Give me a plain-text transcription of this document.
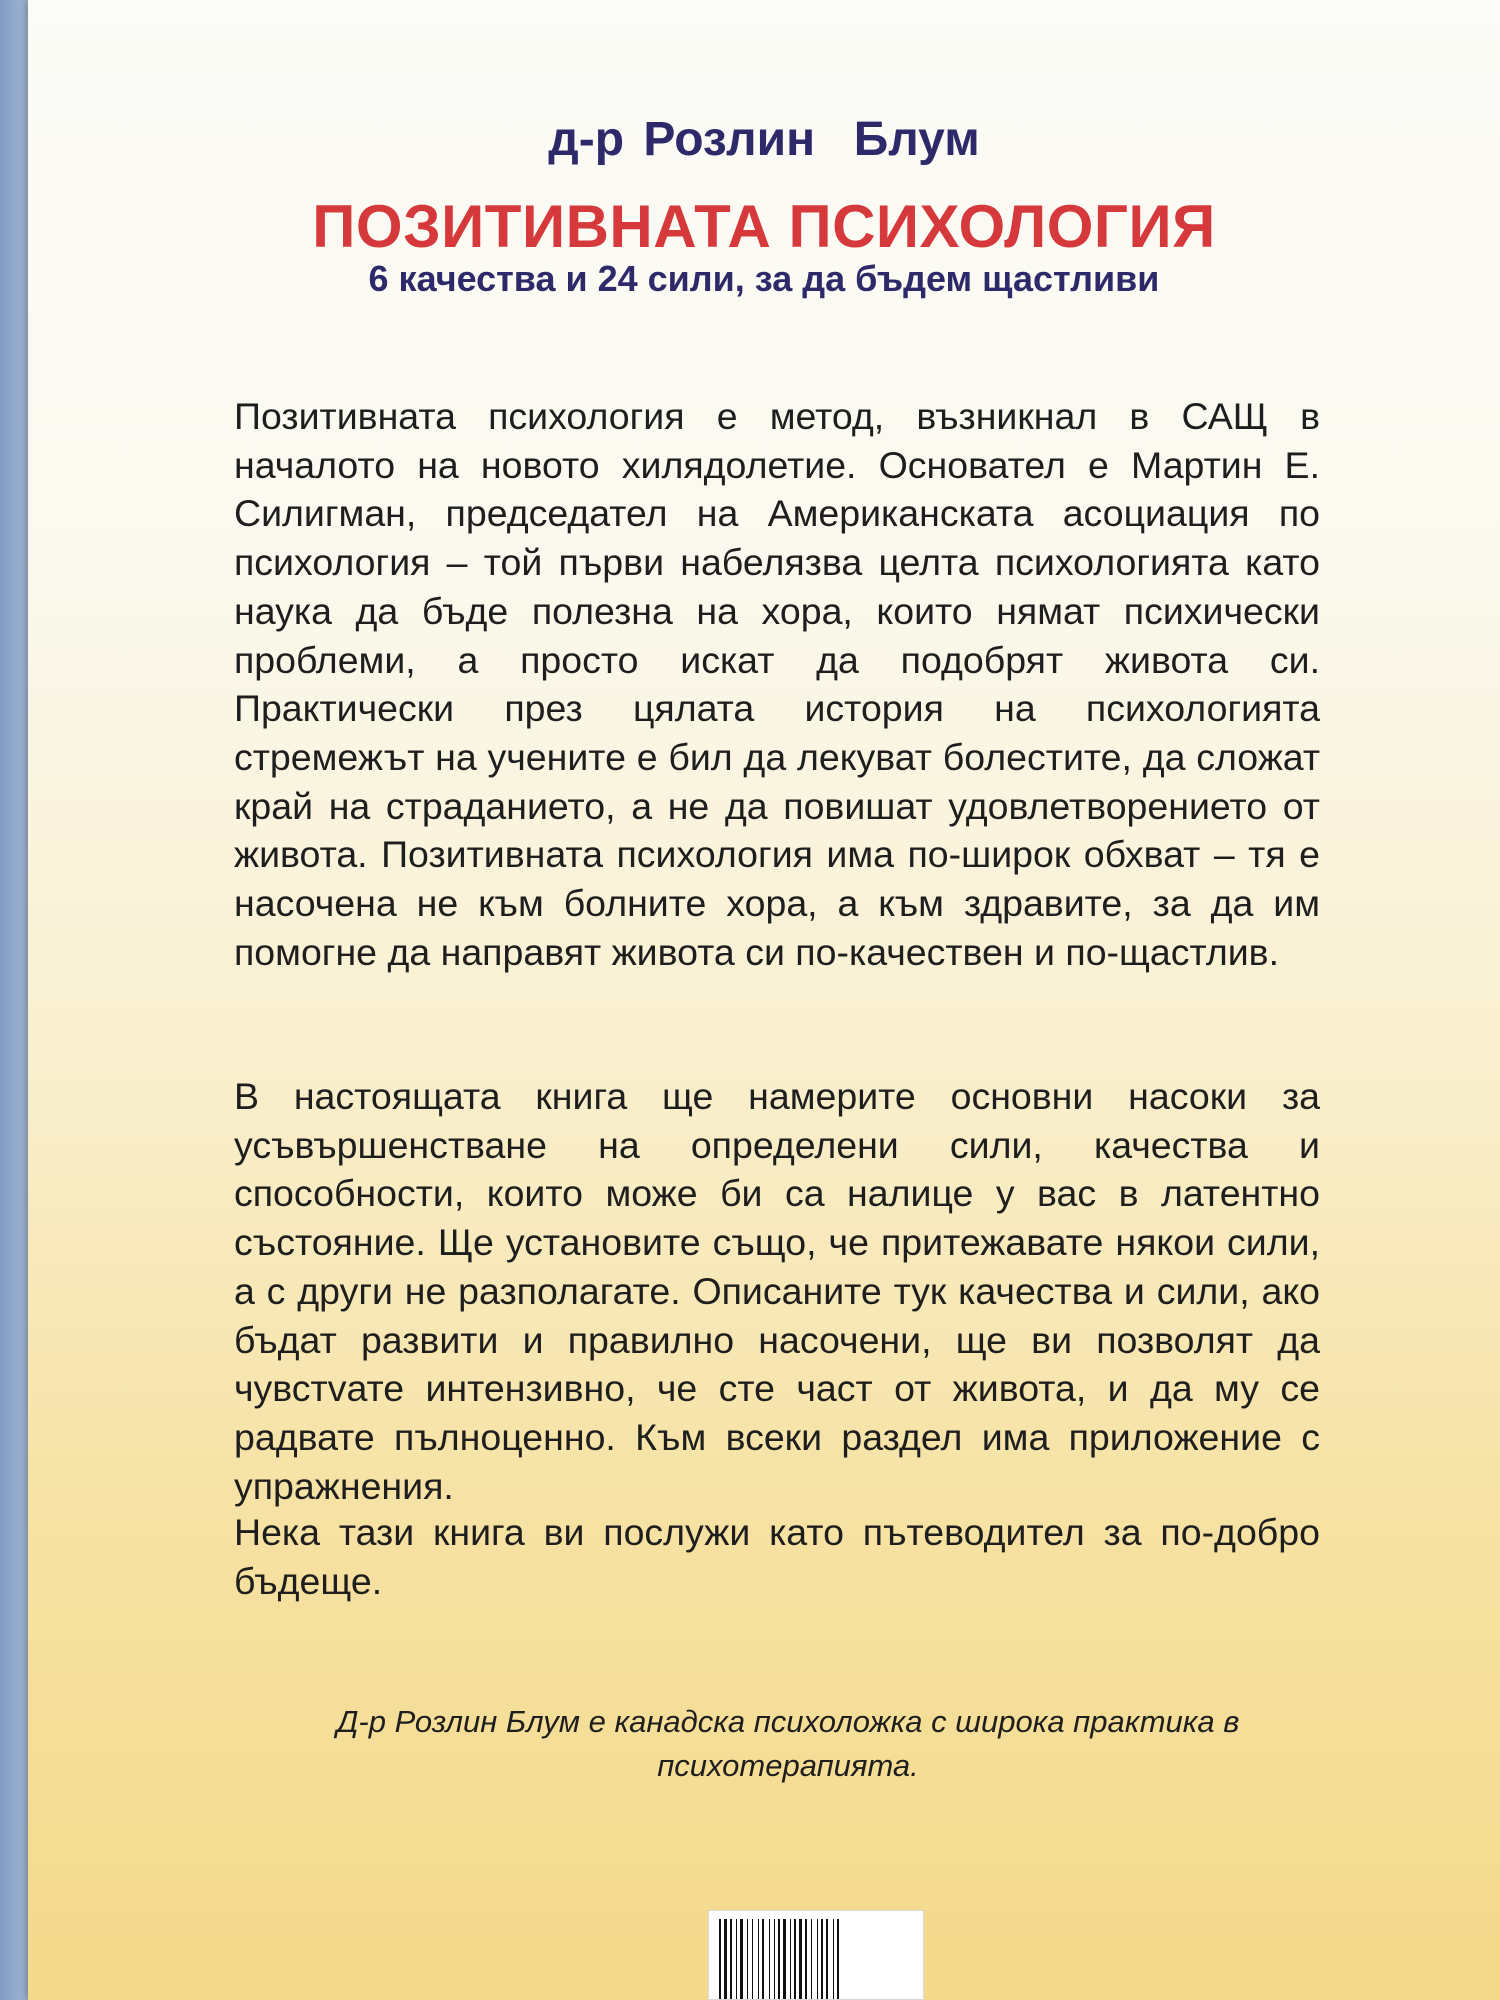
д-р Розлин  Блум
ПОЗИТИВНАТА ПСИХОЛОГИЯ
6 качества и 24 сили, за да бъдем щастливи
Позитивната психология е метод, възникнал в САЩ в началото на новото хилядолетие. Основател е Мартин Е. Силигман, председател на Американската асоциация по психология – той първи набелязва целта психологията като наука да бъде полезна на хора, които нямат психически проблеми, а просто искат да подобрят живота си. Практически през цялата история на психологията стремежът на учените е бил да лекуват болестите, да сложат край на страданието, а не да повишат удовлетворението от живота. Позитивната психология има по-широк обхват – тя е насочена не към болните хора, а към здравите, за да им помогне да направят живота си по-качествен и по-щастлив.
В настоящата книга ще намерите основни насоки за усъвършенстване на определени сили, качества и способности, които може би са налице у вас в латентно състояние. Ще установите също, че притежавате някои сили, а с други не разполагате. Описаните тук качества и сили, ако бъдат развити и правилно насочени, ще ви позволят да чувстvате интензивно, че сте част от живота, и да му се радвате пълноценно. Към всеки раздел има приложение с упражнения.
Нека тази книга ви послужи като пътеводител за по-добро бъдеще.
Д-р Розлин Блум е канадска психоложка с широка практика в психотерапията.
